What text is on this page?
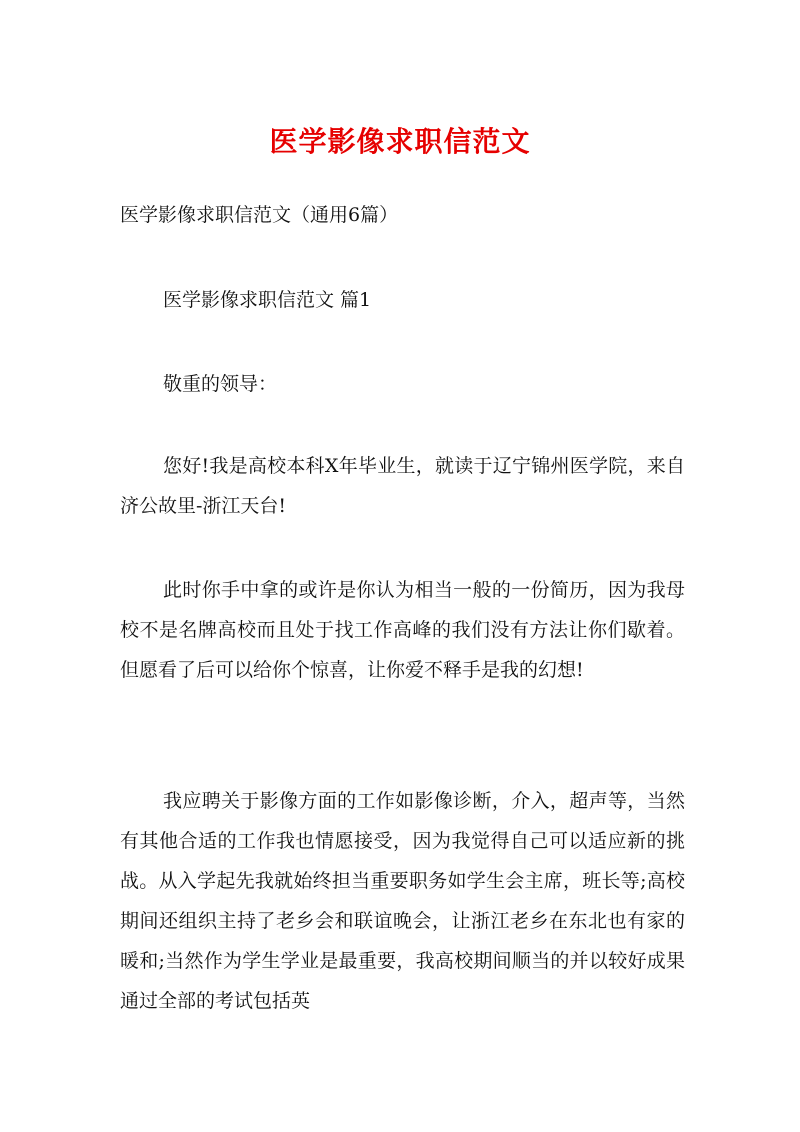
医学影像求职信范文
医学影像求职信范文（通用6篇）
医学影像求职信范文 篇1
敬重的领导：

您好!我是高校本科X年毕业生，就读于辽宁锦州医学院，来自济公故里-浙江天台!

此时你手中拿的或许是你认为相当一般的一份简历，因为我母校不是名牌高校而且处于找工作高峰的我们没有方法让你们歇着。但愿看了后可以给你个惊喜，让你爱不释手是我的幻想!

我应聘关于影像方面的工作如影像诊断，介入，超声等，当然有其他合适的工作我也情愿接受，因为我觉得自己可以适应新的挑战。从入学起先我就始终担当重要职务如学生会主席，班长等;高校期间还组织主持了老乡会和联谊晚会，让浙江老乡在东北也有家的暖和;当然作为学生学业是最重要，我高校期间顺当的并以较好成果通过全部的考试包括英
